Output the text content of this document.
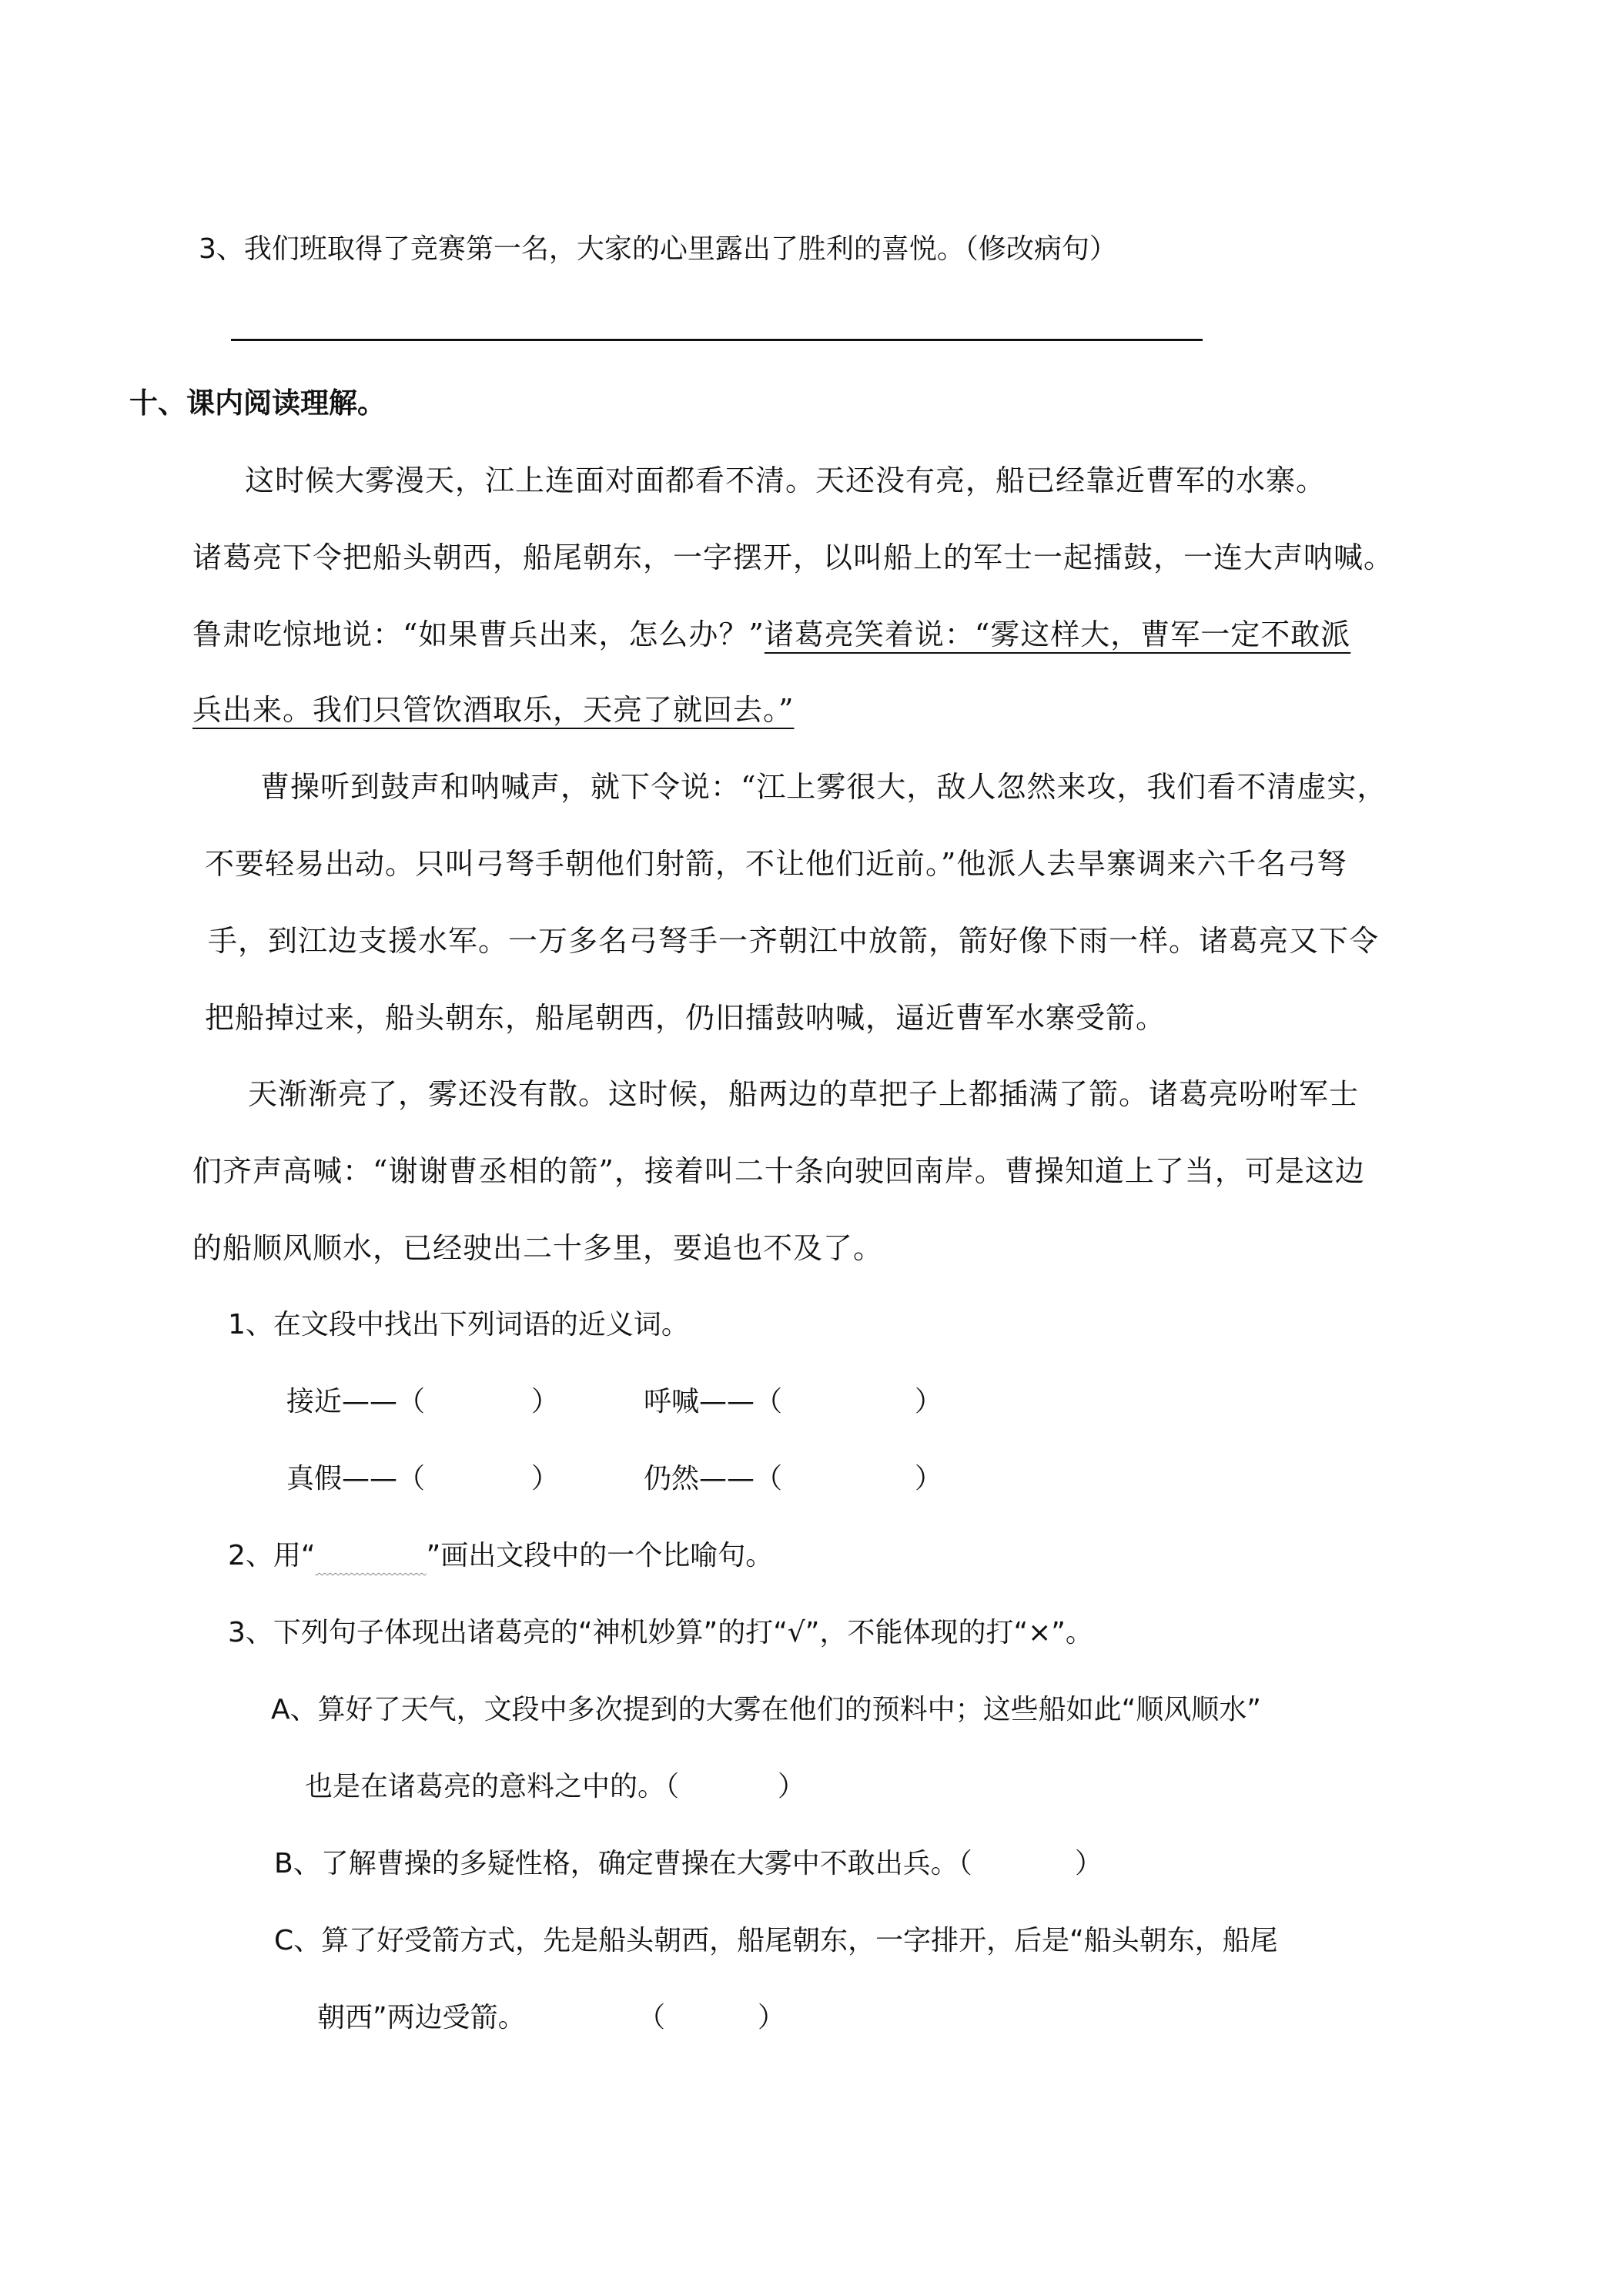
3、我们班取得了竞赛第一名，大家的心里露出了胜利的喜悦。（修改病句）
十、课内阅读理解。
这时候大雾漫天，江上连面对面都看不清。天还没有亮，船已经靠近曹军的水寨。
诸葛亮下令把船头朝西，船尾朝东，一字摆开，以叫船上的军士一起擂鼓，一连大声呐喊。
鲁肃吃惊地说：“如果曹兵出来，怎么办？”诸葛亮笑着说：“雾这样大，曹军一定不敢派
兵出来。我们只管饮酒取乐，天亮了就回去。”
曹操听到鼓声和呐喊声，就下令说：“江上雾很大，敌人忽然来攻，我们看不清虚实，
不要轻易出动。只叫弓弩手朝他们射箭，不让他们近前。”他派人去旱寨调来六千名弓弩
手，到江边支援水军。一万多名弓弩手一齐朝江中放箭，箭好像下雨一样。诸葛亮又下令
把船掉过来，船头朝东，船尾朝西，仍旧擂鼓呐喊，逼近曹军水寨受箭。
天渐渐亮了，雾还没有散。这时候，船两边的草把子上都插满了箭。诸葛亮吩咐军士
们齐声高喊：“谢谢曹丞相的箭”，接着叫二十条向驶回南岸。曹操知道上了当，可是这边
的船顺风顺水，已经驶出二十多里，要追也不及了。
1、在文段中找出下列词语的近义词。
接近——（	）	呼喊——（	）
真假——（	）	仍然——（	）
2、用“	”画出文段中的一个比喻句。
3、下列句子体现出诸葛亮的“神机妙算”的打“√”，不能体现的打“×”。
A、算好了天气，文段中多次提到的大雾在他们的预料中；这些船如此“顺风顺水”
也是在诸葛亮的意料之中的。（	）
B、了解曹操的多疑性格，确定曹操在大雾中不敢出兵。（	）
C、算了好受箭方式，先是船头朝西，船尾朝东，一字排开，后是“船头朝东，船尾
朝西”两边受箭。	（	）
